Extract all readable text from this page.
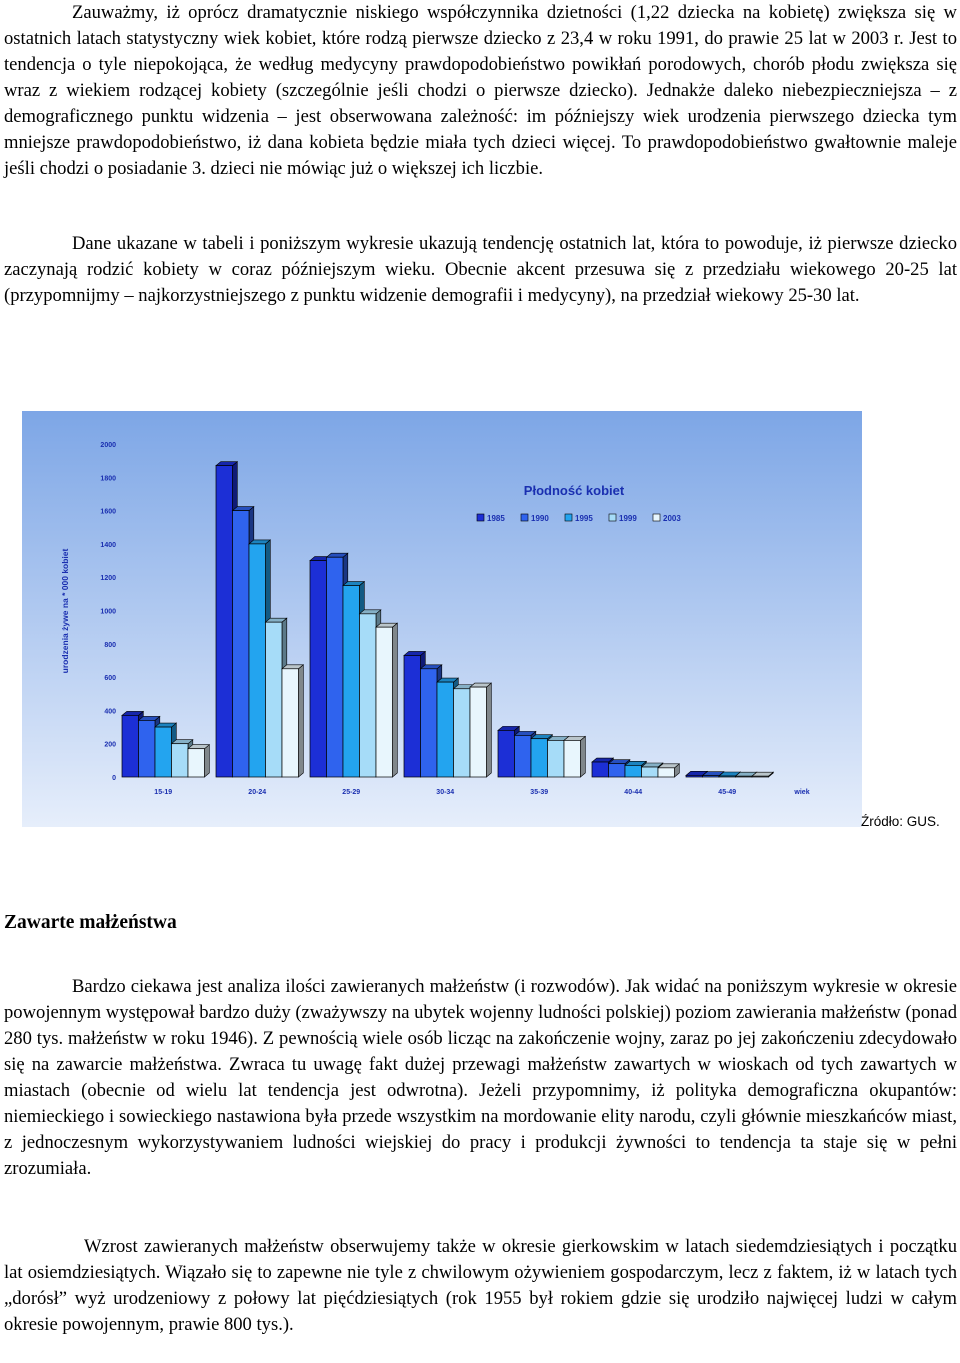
Zauważmy, iż oprócz dramatycznie niskiego współczynnika dzietności (1,22 dziecka na kobietę) zwiększa się w ostatnich latach statystyczny wiek kobiet, które rodzą pierwsze dziecko z 23,4 w roku 1991, do prawie 25 lat w 2003 r. Jest to tendencja o tyle niepokojąca, że według medycyny prawdopodobieństwo powikłań porodowych, chorób płodu zwiększa się wraz z wiekiem rodzącej kobiety (szczególnie jeśli chodzi o pierwsze dziecko). Jednakże daleko niebezpieczniejsza – z demograficznego punktu widzenia – jest obserwowana zależność: im późniejszy wiek urodzenia pierwszego dziecka tym mniejsze prawdopodobieństwo, iż dana kobieta będzie miała tych dzieci więcej. To prawdopodobieństwo gwałtownie maleje jeśli chodzi o posiadanie 3. dzieci nie mówiąc już o większej ich liczbie.

Dane ukazane w tabeli i poniższym wykresie ukazują tendencję ostatnich lat, która to powoduje, iż pierwsze dziecko zaczynają rodzić kobiety w coraz późniejszym wieku. Obecnie akcent przesuwa się z przedziału wiekowego 20-25 lat (przypomnijmy – najkorzystniejszego z punktu widzenie demografii i medycyny), na przedział wiekowy 25-30 lat.

0
200
400
600
800
1000
1200
1400
1600
1800
2000
urodzenia żywe na * 000 kobiet
15-19	20-24	25-29	30-34	35-39	40-44	45-49	wiek
Płodność kobiet
1985	1990	1995	1999	2003
Źródło: GUS.
Zawarte małżeństwa

Bardzo ciekawa jest analiza ilości zawieranych małżeństw (i rozwodów). Jak widać na poniższym wykresie w okresie powojennym występował bardzo duży (zważywszy na ubytek wojenny ludności polskiej) poziom zawierania małżeństw (ponad 280 tys. małżeństw w roku 1946). Z pewnością wiele osób licząc na zakończenie wojny, zaraz po jej zakończeniu zdecydowało się na zawarcie małżeństwa. Zwraca tu uwagę fakt dużej przewagi małżeństw zawartych w wioskach od tych zawartych w miastach (obecnie od wielu lat tendencja jest odwrotna). Jeżeli przypomnimy, iż polityka demograficzna okupantów: niemieckiego i sowieckiego nastawiona była przede wszystkim na mordowanie elity narodu, czyli głównie mieszkańców miast, z jednoczesnym wykorzystywaniem ludności wiejskiej do pracy i produkcji żywności to tendencja ta staje się w pełni zrozumiała.

Wzrost zawieranych małżeństw obserwujemy także w okresie gierkowskim w latach siedemdziesiątych i początku lat osiemdziesiątych. Wiązało się to zapewne nie tyle z chwilowym ożywieniem gospodarczym, lecz z faktem, iż w latach tych „dorósł” wyż urodzeniowy z połowy lat pięćdziesiątych (rok 1955 był rokiem gdzie się urodziło najwięcej ludzi w całym okresie powojennym, prawie 800 tys.).
